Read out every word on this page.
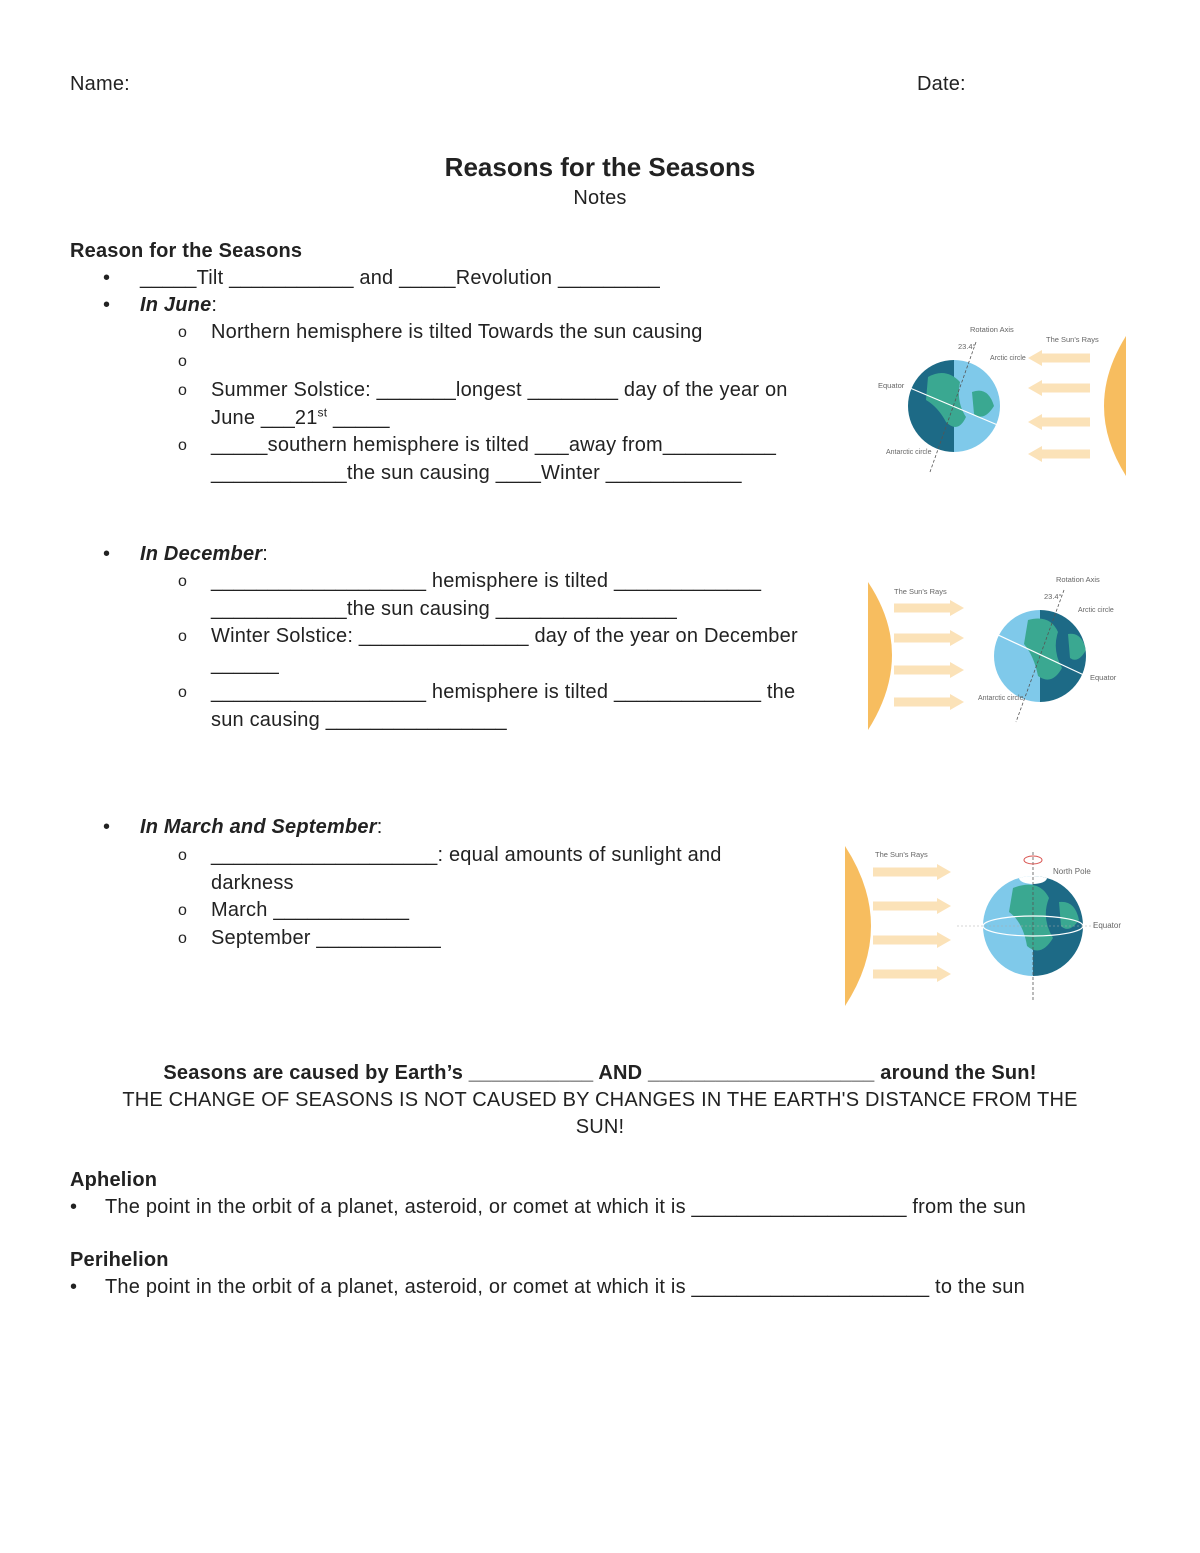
Name:	Date:
Reasons for the Seasons
Notes
Reason for the Seasons
• _____Tilt ___________ and _____Revolution _________
• In June:
o Northern hemisphere is tilted Towards the sun causing
o
o Summer Solstice: _______longest ________ day of the year on
June ___21st _____
o _____southern hemisphere is tilted ___away from__________
____________the sun causing ____Winter ____________
• In December:
o ___________________ hemisphere is tilted _____________
____________the sun causing ________________
o Winter Solstice: _______________ day of the year on December
______
o ___________________ hemisphere is tilted _____________ the
sun causing ________________
• In March and September:
o ____________________: equal amounts of sunlight and
darkness
o March ____________
o September ___________
Seasons are caused by Earth’s ___________ AND ____________________ around the Sun!
THE CHANGE OF SEASONS IS NOT CAUSED BY CHANGES IN THE EARTH'S DISTANCE FROM THE
SUN!
Aphelion
• The point in the orbit of a planet, asteroid, or comet at which it is ___________________ from the sun
Perihelion
• The point in the orbit of a planet, asteroid, or comet at which it is _____________________ to the sun
Rotation Axis
23.4°
Arctic circle
The Sun's Rays
Equator
Antarctic circle
Rotation Axis
23.4°
Arctic circle
The Sun's Rays
Equator
Antarctic circle
The Sun's Rays
North Pole
Equator
